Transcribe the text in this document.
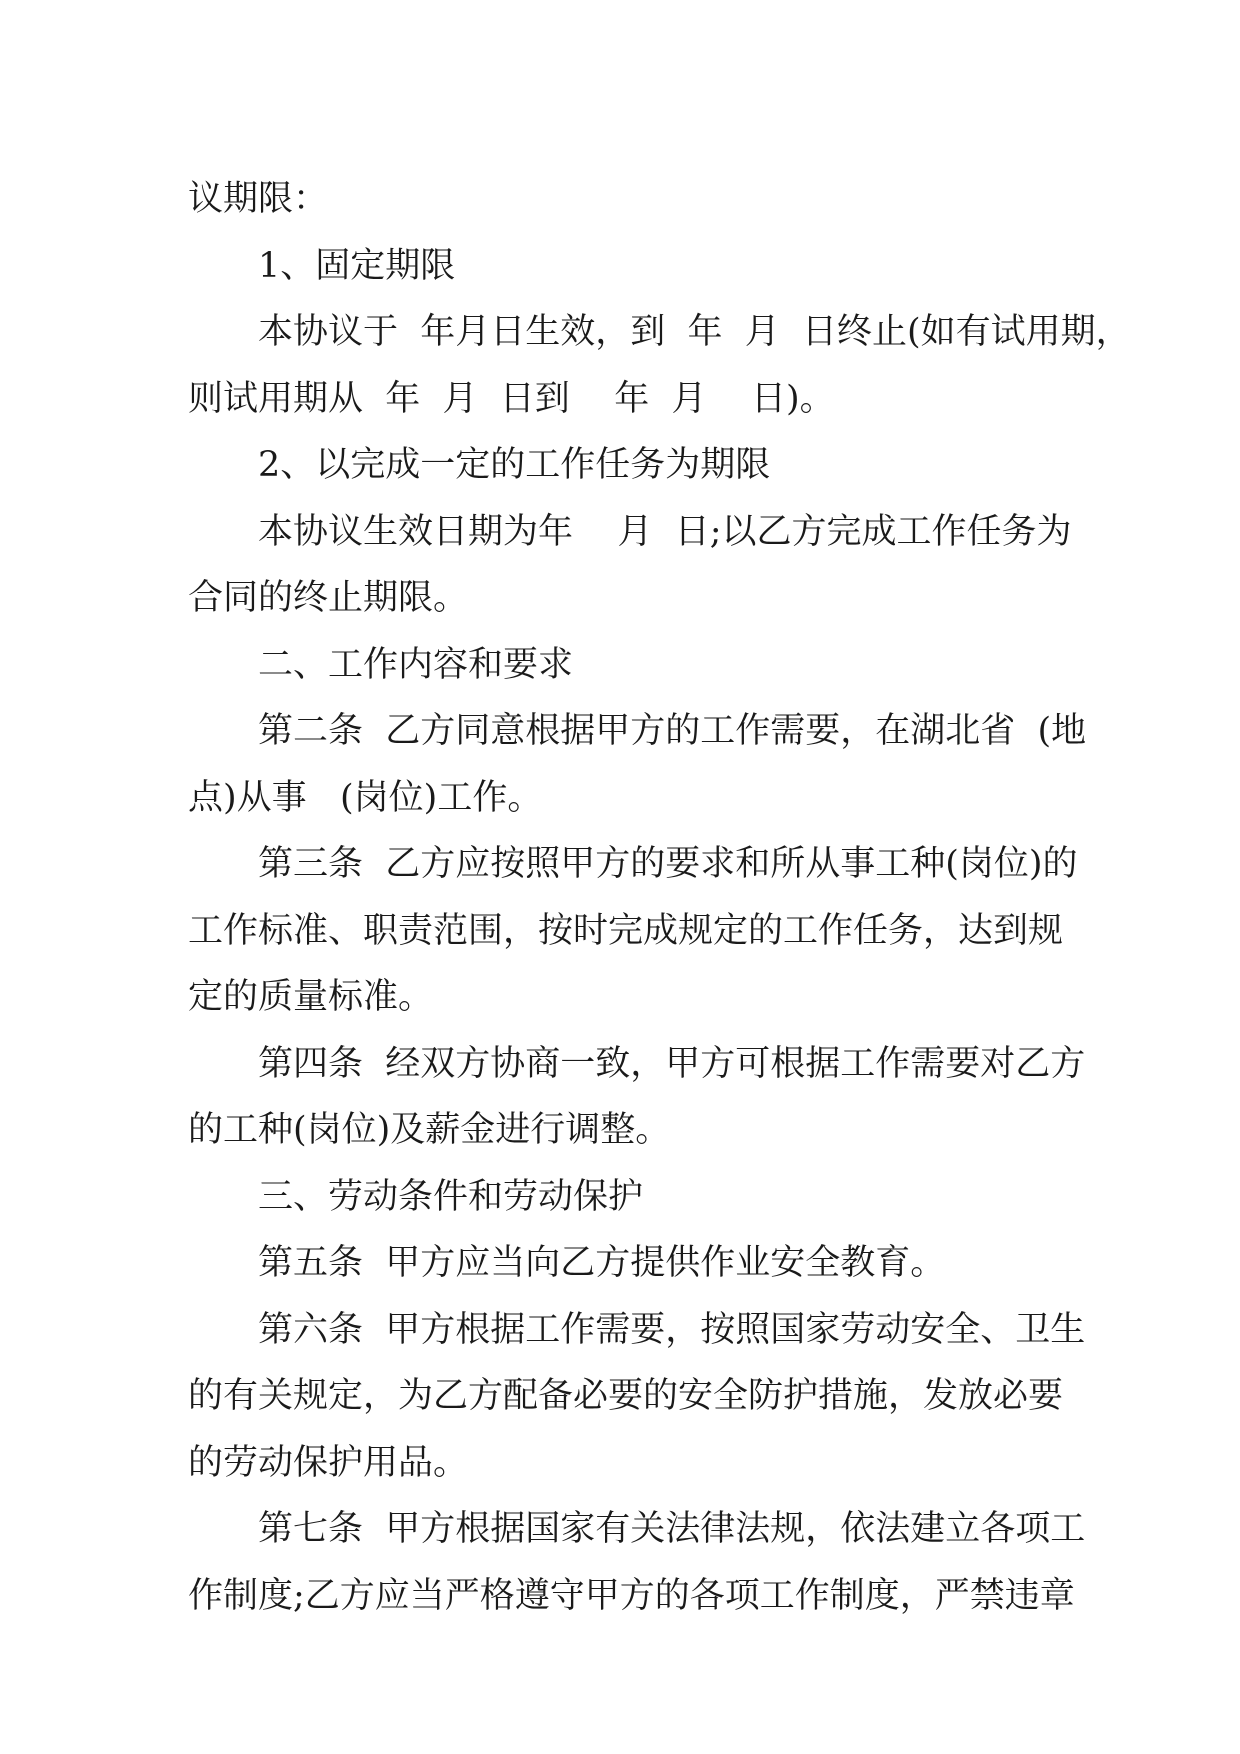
议期限：

1、固定期限

本协议于  年月日生效，到  年  月  日终止(如有试用期，

则试用期从  年  月  日到    年  月    日)。

2、以完成一定的工作任务为期限

本协议生效日期为年    月  日;以乙方完成工作任务为

合同的终止期限。

二、工作内容和要求

第二条  乙方同意根据甲方的工作需要，在湖北省  (地

点)从事   (岗位)工作。

第三条  乙方应按照甲方的要求和所从事工种(岗位)的

工作标准、职责范围，按时完成规定的工作任务，达到规

定的质量标准。

第四条  经双方协商一致，甲方可根据工作需要对乙方

的工种(岗位)及薪金进行调整。

三、劳动条件和劳动保护

第五条  甲方应当向乙方提供作业安全教育。

第六条  甲方根据工作需要，按照国家劳动安全、卫生

的有关规定，为乙方配备必要的安全防护措施，发放必要

的劳动保护用品。

第七条  甲方根据国家有关法律法规，依法建立各项工

作制度;乙方应当严格遵守甲方的各项工作制度，严禁违章
